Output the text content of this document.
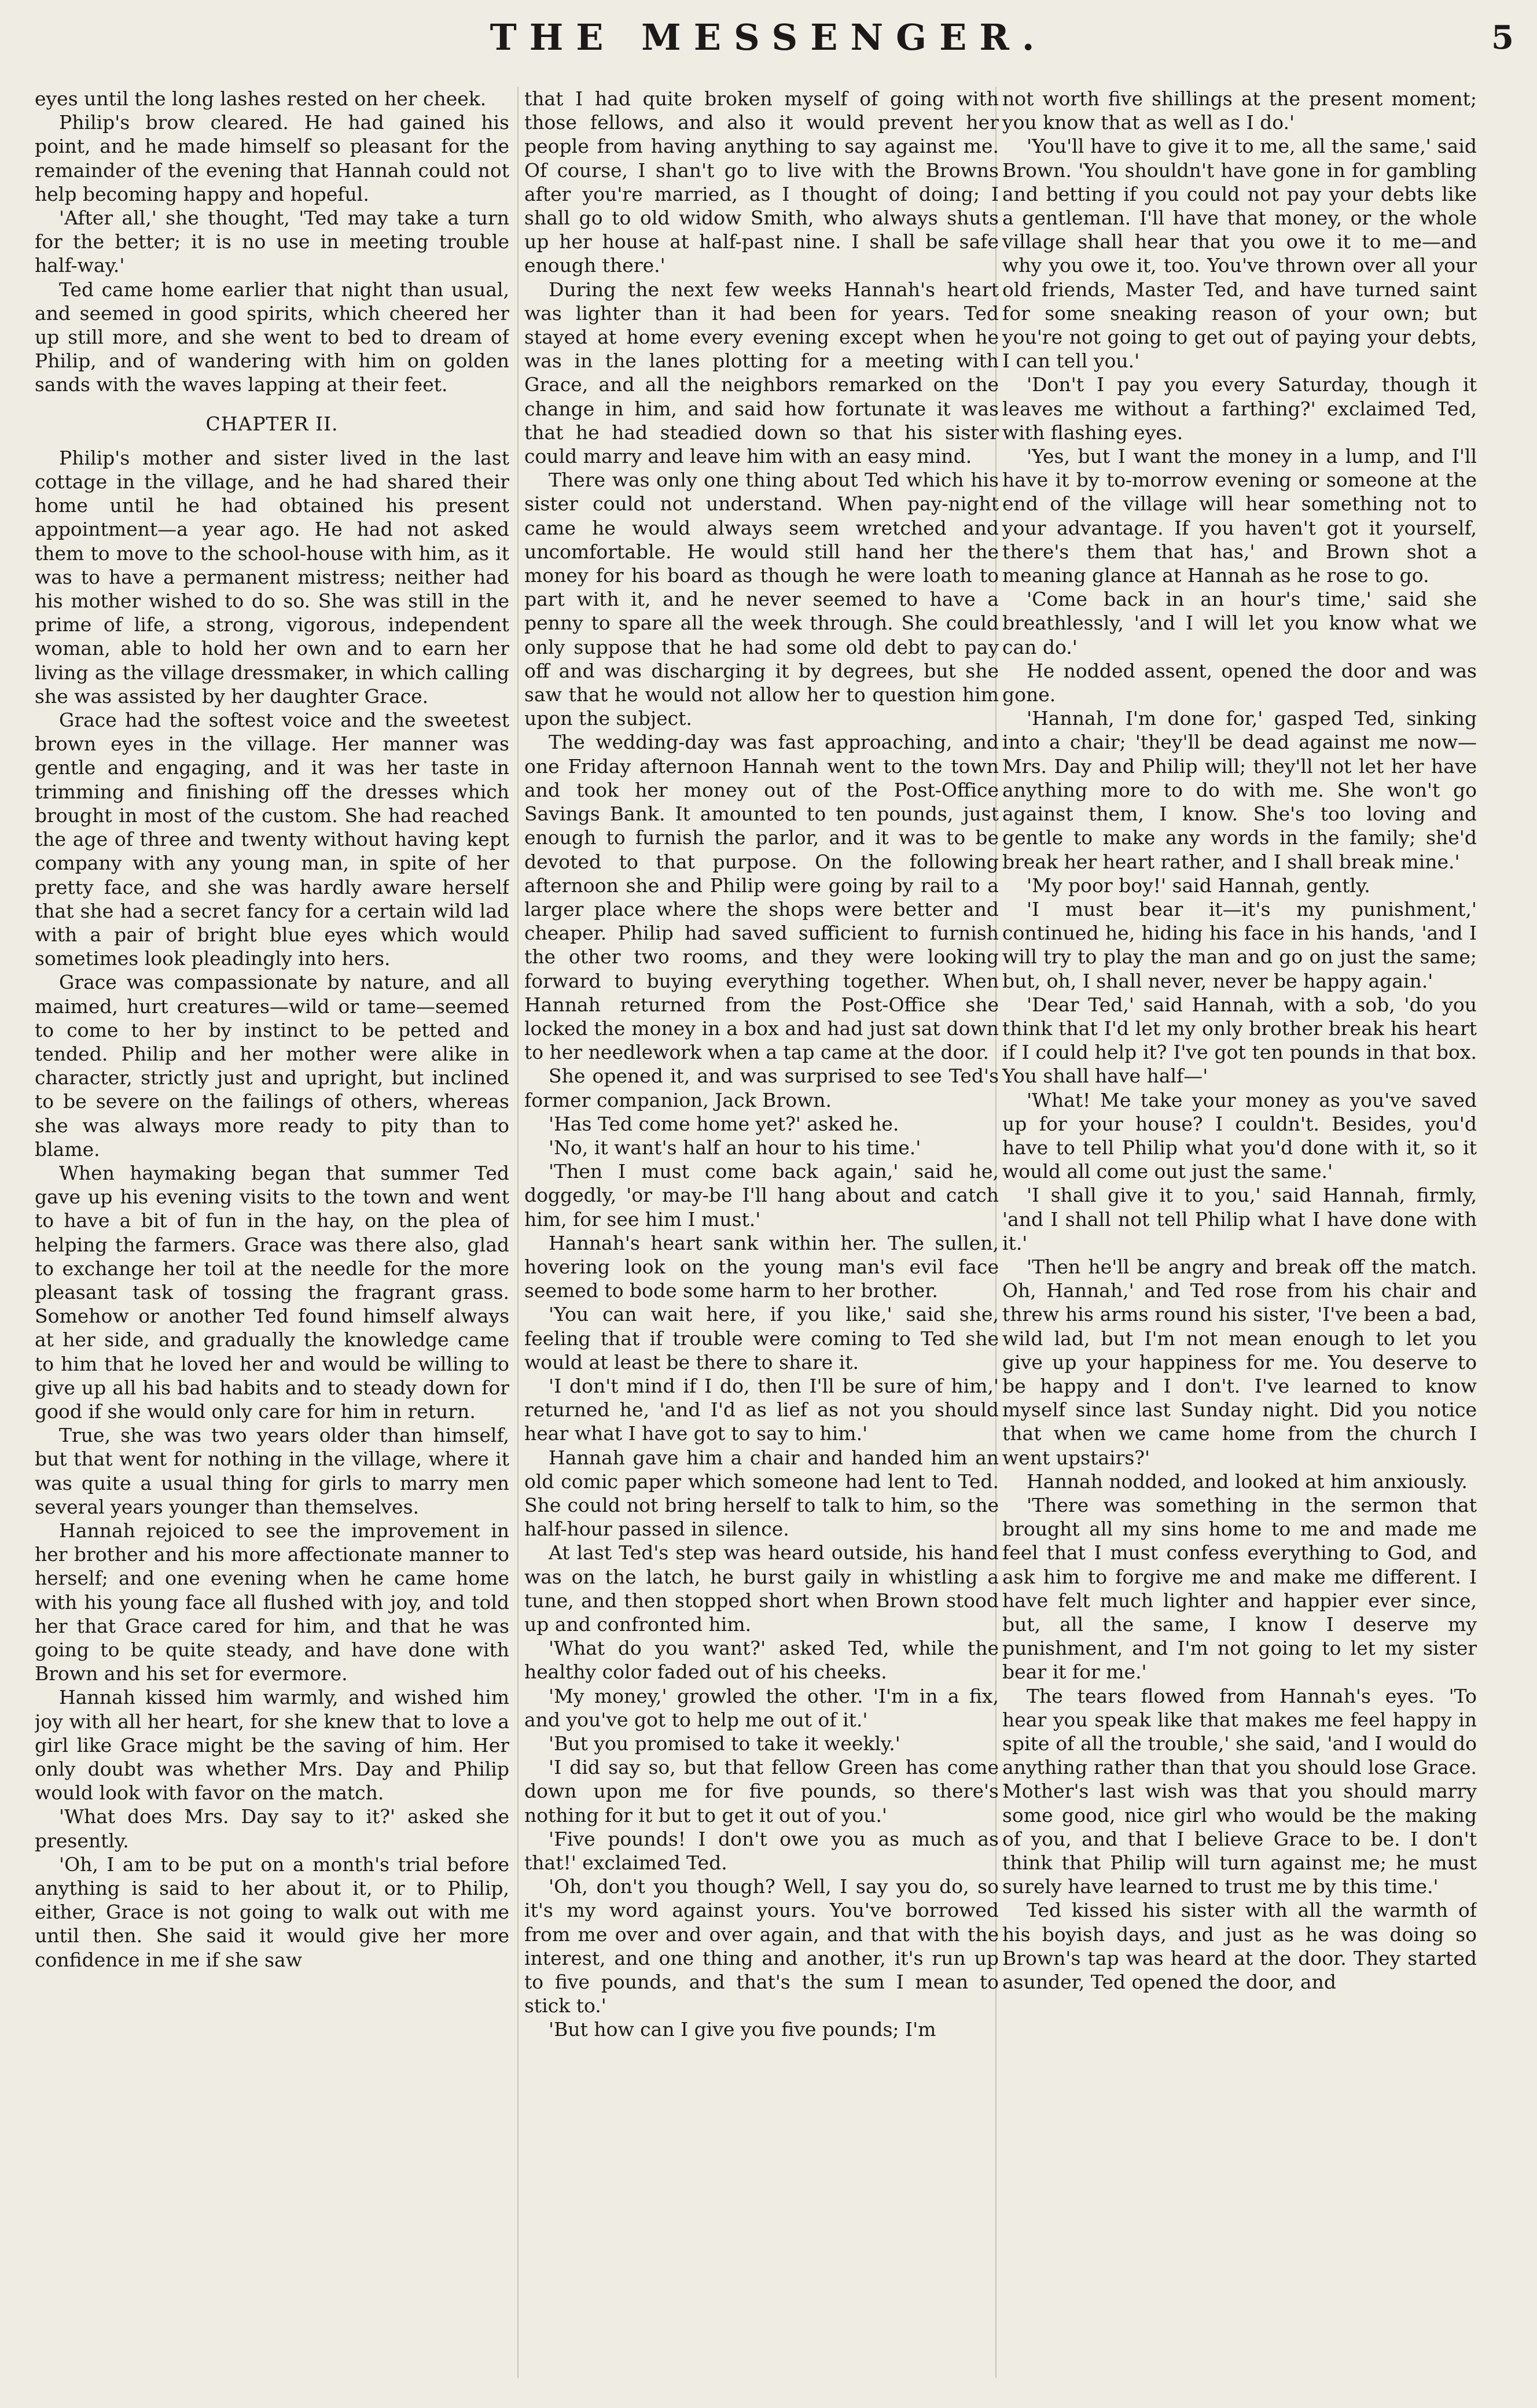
THE MESSENGER.	5

eyes until the long lashes rested on her cheek.

Philip's brow cleared. He had gained his point, and he made himself so pleasant for the remainder of the evening that Hannah could not help becoming happy and hopeful.

'After all,' she thought, 'Ted may take a turn for the better; it is no use in meeting trouble half-way.'

Ted came home earlier that night than usual, and seemed in good spirits, which cheered her up still more, and she went to bed to dream of Philip, and of wandering with him on golden sands with the waves lapping at their feet.

CHAPTER II.

Philip's mother and sister lived in the last cottage in the village, and he had shared their home until he had obtained his present appointment—a year ago. He had not asked them to move to the school-house with him, as it was to have a permanent mistress; neither had his mother wished to do so. She was still in the prime of life, a strong, vigorous, independent woman, able to hold her own and to earn her living as the village dressmaker, in which calling she was assisted by her daughter Grace.

Grace had the softest voice and the sweetest brown eyes in the village. Her manner was gentle and engaging, and it was her taste in trimming and finishing off the dresses which brought in most of the custom. She had reached the age of three and twenty without having kept company with any young man, in spite of her pretty face, and she was hardly aware herself that she had a secret fancy for a certain wild lad with a pair of bright blue eyes which would sometimes look pleadingly into hers.

Grace was compassionate by nature, and all maimed, hurt creatures—wild or tame—seemed to come to her by instinct to be petted and tended. Philip and her mother were alike in character, strictly just and upright, but inclined to be severe on the failings of others, whereas she was always more ready to pity than to blame.

When haymaking began that summer Ted gave up his evening visits to the town and went to have a bit of fun in the hay, on the plea of helping the farmers. Grace was there also, glad to exchange her toil at the needle for the more pleasant task of tossing the fragrant grass. Somehow or another Ted found himself always at her side, and gradually the knowledge came to him that he loved her and would be willing to give up all his bad habits and to steady down for good if she would only care for him in return.

True, she was two years older than himself, but that went for nothing in the village, where it was quite a usual thing for girls to marry men several years younger than themselves.

Hannah rejoiced to see the improvement in her brother and his more affectionate manner to herself; and one evening when he came home with his young face all flushed with joy, and told her that Grace cared for him, and that he was going to be quite steady, and have done with Brown and his set for evermore.

Hannah kissed him warmly, and wished him joy with all her heart, for she knew that to love a girl like Grace might be the saving of him. Her only doubt was whether Mrs. Day and Philip would look with favor on the match.

'What does Mrs. Day say to it?' asked she presently.

'Oh, I am to be put on a month's trial before anything is said to her about it, or to Philip, either, Grace is not going to walk out with me until then. She said it would give her more confidence in me if she saw

that I had quite broken myself of going with those fellows, and also it would prevent her people from having anything to say against me. Of course, I shan't go to live with the Browns after you're married, as I thought of doing; I shall go to old widow Smith, who always shuts up her house at half-past nine. I shall be safe enough there.'

During the next few weeks Hannah's heart was lighter than it had been for years. Ted stayed at home every evening except when he was in the lanes plotting for a meeting with Grace, and all the neighbors remarked on the change in him, and said how fortunate it was that he had steadied down so that his sister could marry and leave him with an easy mind.

There was only one thing about Ted which his sister could not understand. When pay-night came he would always seem wretched and uncomfortable. He would still hand her the money for his board as though he were loath to part with it, and he never seemed to have a penny to spare all the week through. She could only suppose that he had some old debt to pay off and was discharging it by degrees, but she saw that he would not allow her to question him upon the subject.

The wedding-day was fast approaching, and one Friday afternoon Hannah went to the town and took her money out of the Post-Office Savings Bank. It amounted to ten pounds, just enough to furnish the parlor, and it was to be devoted to that purpose. On the following afternoon she and Philip were going by rail to a larger place where the shops were better and cheaper. Philip had saved sufficient to furnish the other two rooms, and they were looking forward to buying everything together. When Hannah returned from the Post-Office she locked the money in a box and had just sat down to her needlework when a tap came at the door.

She opened it, and was surprised to see Ted's former companion, Jack Brown.

'Has Ted come home yet?' asked he.

'No, it want's half an hour to his time.'

'Then I must come back again,' said he, doggedly, 'or may-be I'll hang about and catch him, for see him I must.'

Hannah's heart sank within her. The sullen, hovering look on the young man's evil face seemed to bode some harm to her brother.

'You can wait here, if you like,' said she, feeling that if trouble were coming to Ted she would at least be there to share it.

'I don't mind if I do, then I'll be sure of him,' returned he, 'and I'd as lief as not you should hear what I have got to say to him.'

Hannah gave him a chair and handed him an old comic paper which someone had lent to Ted. She could not bring herself to talk to him, so the half-hour passed in silence.

At last Ted's step was heard outside, his hand was on the latch, he burst gaily in whistling a tune, and then stopped short when Brown stood up and confronted him.

'What do you want?' asked Ted, while the healthy color faded out of his cheeks.

'My money,' growled the other. 'I'm in a fix, and you've got to help me out of it.'

'But you promised to take it weekly.'

'I did say so, but that fellow Green has come down upon me for five pounds, so there's nothing for it but to get it out of you.'

'Five pounds! I don't owe you as much as that!' exclaimed Ted.

'Oh, don't you though? Well, I say you do, so it's my word against yours. You've borrowed from me over and over again, and that with the interest, and one thing and another, it's run up to five pounds, and that's the sum I mean to stick to.'

'But how can I give you five pounds; I'm

not worth five shillings at the present moment; you know that as well as I do.'

'You'll have to give it to me, all the same,' said Brown. 'You shouldn't have gone in for gambling and betting if you could not pay your debts like a gentleman. I'll have that money, or the whole village shall hear that you owe it to me—and why you owe it, too. You've thrown over all your old friends, Master Ted, and have turned saint for some sneaking reason of your own; but you're not going to get out of paying your debts, I can tell you.'

'Don't I pay you every Saturday, though it leaves me without a farthing?' exclaimed Ted, with flashing eyes.

'Yes, but I want the money in a lump, and I'll have it by to-morrow evening or someone at the end of the village will hear something not to your advantage. If you haven't got it yourself, there's them that has,' and Brown shot a meaning glance at Hannah as he rose to go.

'Come back in an hour's time,' said she breathlessly, 'and I will let you know what we can do.'

He nodded assent, opened the door and was gone.

'Hannah, I'm done for,' gasped Ted, sinking into a chair; 'they'll be dead against me now—Mrs. Day and Philip will; they'll not let her have anything more to do with me. She won't go against them, I know. She's too loving and gentle to make any words in the family; she'd break her heart rather, and I shall break mine.'

'My poor boy!' said Hannah, gently.

'I must bear it—it's my punishment,' continued he, hiding his face in his hands, 'and I will try to play the man and go on just the same; but, oh, I shall never, never be happy again.'

'Dear Ted,' said Hannah, with a sob, 'do you think that I'd let my only brother break his heart if I could help it? I've got ten pounds in that box. You shall have half—'

'What! Me take your money as you've saved up for your house? I couldn't. Besides, you'd have to tell Philip what you'd done with it, so it would all come out just the same.'

'I shall give it to you,' said Hannah, firmly, 'and I shall not tell Philip what I have done with it.'

'Then he'll be angry and break off the match. Oh, Hannah,' and Ted rose from his chair and threw his arms round his sister, 'I've been a bad, wild lad, but I'm not mean enough to let you give up your happiness for me. You deserve to be happy and I don't. I've learned to know myself since last Sunday night. Did you notice that when we came home from the church I went upstairs?'

Hannah nodded, and looked at him anxiously.

'There was something in the sermon that brought all my sins home to me and made me feel that I must confess everything to God, and ask him to forgive me and make me different. I have felt much lighter and happier ever since, but, all the same, I know I deserve my punishment, and I'm not going to let my sister bear it for me.'

The tears flowed from Hannah's eyes. 'To hear you speak like that makes me feel happy in spite of all the trouble,' she said, 'and I would do anything rather than that you should lose Grace. Mother's last wish was that you should marry some good, nice girl who would be the making of you, and that I believe Grace to be. I don't think that Philip will turn against me; he must surely have learned to trust me by this time.'

Ted kissed his sister with all the warmth of his boyish days, and just as he was doing so Brown's tap was heard at the door. They started asunder, Ted opened the door, and
